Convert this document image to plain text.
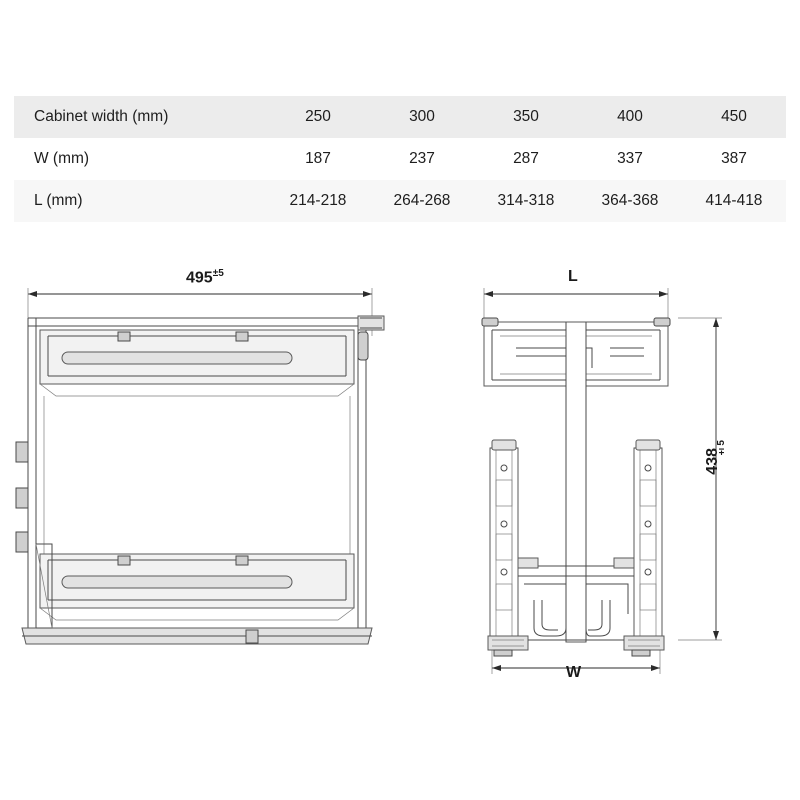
Cabinet width (mm)	250	300	350	400	450
W (mm)	187	237	287	337	387
L (mm)	214-218	264-268	314-318	364-368	414-418
$495^{\pm 5}$	L
438±5
W
